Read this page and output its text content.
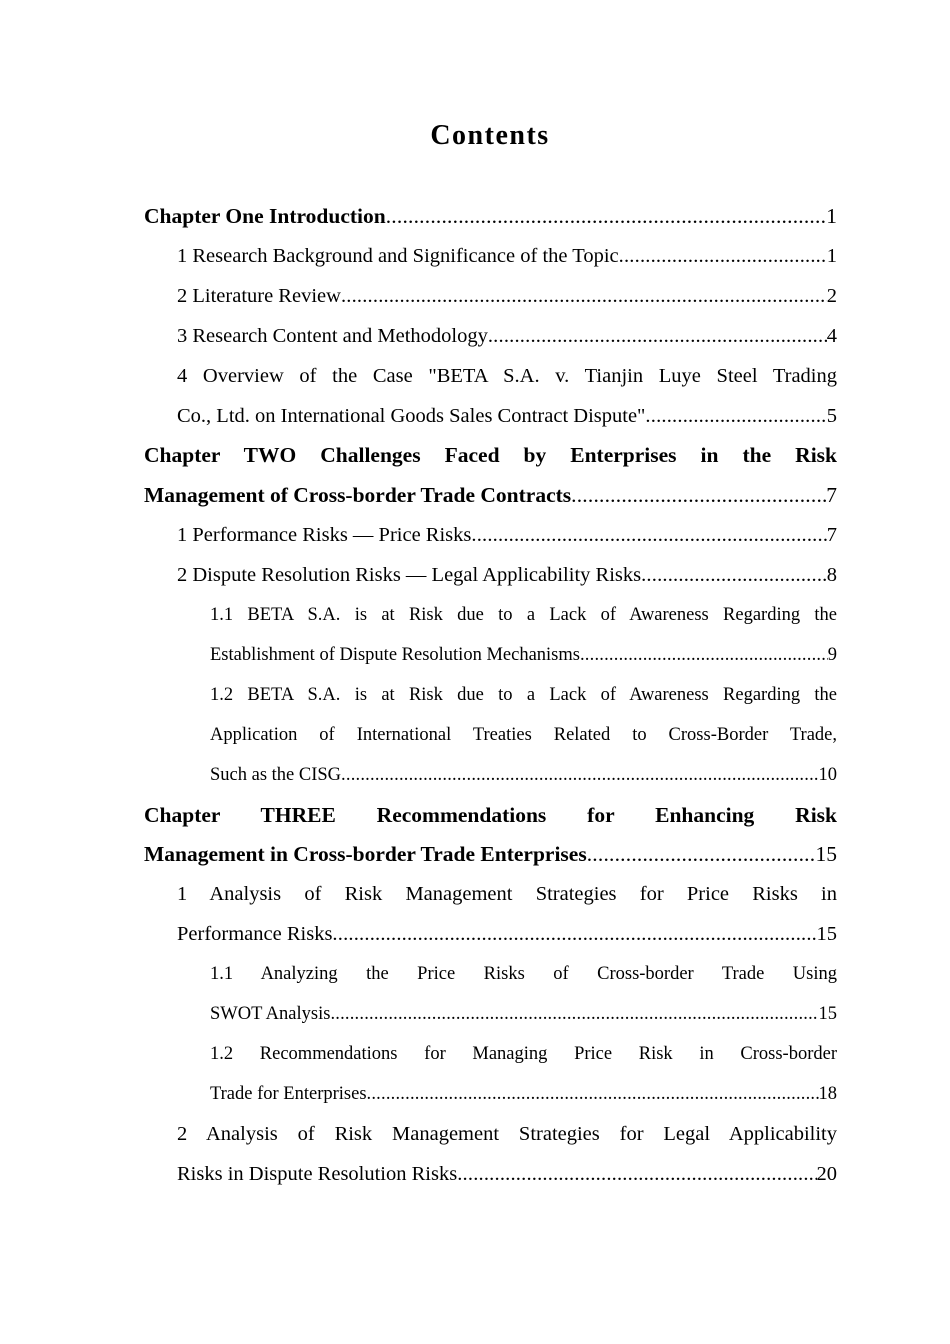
Contents
Chapter One Introduction .....	1
1 Research Background and Significance of the Topic .....	1
2 Literature Review .....	2
3 Research Content and Methodology .....	4
4 Overview of the Case "BETA S.A. v. Tianjin Luye Steel Trading
Co., Ltd. on International Goods Sales Contract Dispute" .....	5
Chapter TWO Challenges Faced by Enterprises in the Risk
Management of Cross-border Trade Contracts .....	7
1 Performance Risks — Price Risks .....	7
2 Dispute Resolution Risks — Legal Applicability Risks .....	8
1.1 BETA S.A. is at Risk due to a Lack of Awareness Regarding the
Establishment of Dispute Resolution Mechanisms .....	9
1.2 BETA S.A. is at Risk due to a Lack of Awareness Regarding the
Application of International Treaties Related to Cross-Border Trade,
Such as the CISG .....	10
Chapter THREE Recommendations for Enhancing Risk
Management in Cross-border Trade Enterprises .....	15
1 Analysis of Risk Management Strategies for Price Risks in
Performance Risks .....	15
1.1 Analyzing the Price Risks of Cross-border Trade Using
SWOT Analysis .....	15
1.2 Recommendations for Managing Price Risk in Cross-border
Trade for Enterprises .....	18
2 Analysis of Risk Management Strategies for Legal Applicability
Risks in Dispute Resolution Risks .....	20
